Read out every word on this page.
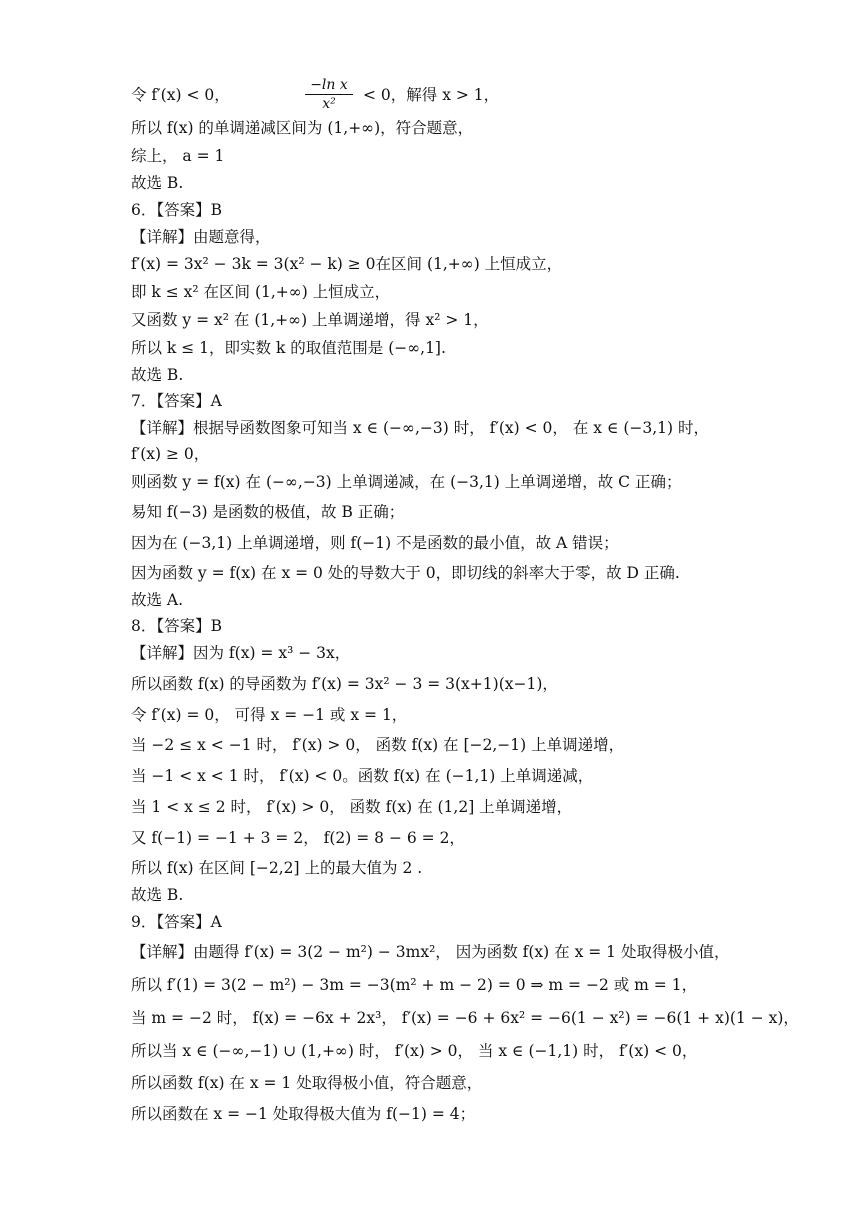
令 f′(x) < 0，
−ln x
x²	< 0，解得 x > 1，
所以 f(x) 的单调递减区间为 (1,+∞)，符合题意，
综上， a = 1
故选 B.
6．【答案】B
【详解】由题意得，
f′(x) = 3x² − 3k = 3(x² − k) ≥ 0在区间 (1,+∞) 上恒成立，
即 k ≤ x² 在区间 (1,+∞) 上恒成立，
又函数 y = x² 在 (1,+∞) 上单调递增，得 x² > 1，
所以 k ≤ 1，即实数 k 的取值范围是 (−∞,1].
故选 B.
7．【答案】A
【详解】根据导函数图象可知当 x ∈ (−∞,−3) 时， f′(x) < 0， 在 x ∈ (−3,1) 时，
f′(x) ≥ 0，
则函数 y = f(x) 在 (−∞,−3) 上单调递减，在 (−3,1) 上单调递增，故 C 正确；
易知 f(−3) 是函数的极值，故 B 正确；
因为在 (−3,1) 上单调递增，则 f(−1) 不是函数的最小值，故 A 错误；
因为函数 y = f(x) 在 x = 0 处的导数大于 0，即切线的斜率大于零，故 D 正确.
故选 A.
8．【答案】B
【详解】因为 f(x) = x³ − 3x，
所以函数 f(x) 的导函数为 f′(x) = 3x² − 3 = 3(x+1)(x−1)，
令 f′(x) = 0， 可得 x = −1 或 x = 1，
当 −2 ≤ x < −1 时， f′(x) > 0， 函数 f(x) 在 [−2,−1) 上单调递增，
当 −1 < x < 1 时， f′(x) < 0。函数 f(x) 在 (−1,1) 上单调递减，
当 1 < x ≤ 2 时， f′(x) > 0， 函数 f(x) 在 (1,2] 上单调递增，
又 f(−1) = −1 + 3 = 2， f(2) = 8 − 6 = 2，
所以 f(x) 在区间 [−2,2] 上的最大值为 2 .
故选 B.
9．【答案】A
【详解】由题得 f′(x) = 3(2 − m²) − 3mx²， 因为函数 f(x) 在 x = 1 处取得极小值，
所以 f′(1) = 3(2 − m²) − 3m = −3(m² + m − 2) = 0 ⇒ m = −2 或 m = 1，
当 m = −2 时， f(x) = −6x + 2x³， f′(x) = −6 + 6x² = −6(1 − x²) = −6(1 + x)(1 − x)，
所以当 x ∈ (−∞,−1) ∪ (1,+∞) 时， f′(x) > 0， 当 x ∈ (−1,1) 时， f′(x) < 0，
所以函数 f(x) 在 x = 1 处取得极小值，符合题意，
所以函数在 x = −1 处取得极大值为 f(−1) = 4；
